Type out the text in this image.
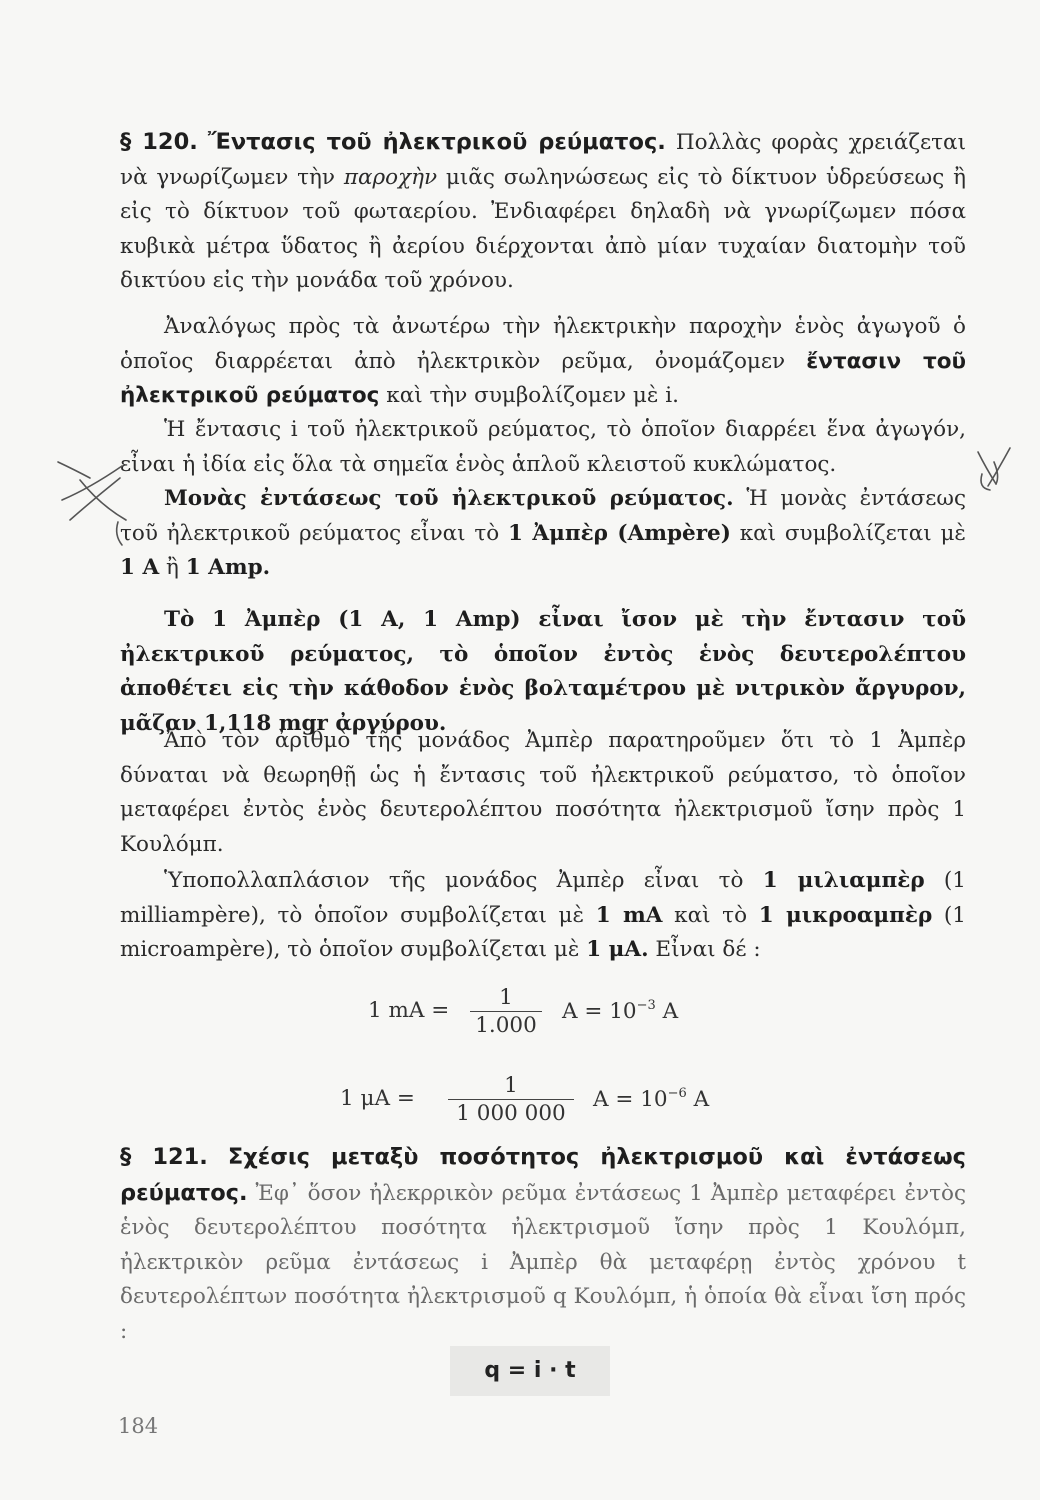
§ 120. Ἔντασις τοῦ ἠλεκτρικοῦ ρεύματος. Πολλὰς φορὰς χρειάζεται νὰ γνωρίζωμεν τὴν παροχὴν μιᾶς σωληνώσεως εἰς τὸ δίκτυον ὑδρεύσεως ἢ εἰς τὸ δίκτυον τοῦ φωταερίου. Ἐνδιαφέρει δηλαδὴ νὰ γνωρίζωμεν πόσα κυβικὰ μέτρα ὕδατος ἢ ἀερίου διέρχονται ἀπὸ μίαν τυχαίαν διατομὴν τοῦ δικτύου εἰς τὴν μονάδα τοῦ χρόνου.
Ἀναλόγως πρὸς τὰ ἀνωτέρω τὴν ἠλεκτρικὴν παροχὴν ἑνὸς ἀγωγοῦ ὁ ὁποῖος διαρρέεται ἀπὸ ἠλεκτρικὸν ρεῦμα, ὀνομάζομεν ἔντασιν τοῦ ἠλεκτρικοῦ ρεύματος καὶ τὴν συμβολίζομεν μὲ i.
Ἡ ἔντασις i τοῦ ἠλεκτρικοῦ ρεύματος, τὸ ὁποῖον διαρρέει ἕνα ἀγωγόν, εἶναι ἡ ἰδία εἰς ὅλα τὰ σημεῖα ἑνὸς ἁπλοῦ κλειστοῦ κυκλώματος.
Μονὰς ἐντάσεως τοῦ ἠλεκτρικοῦ ρεύματος. Ἡ μονὰς ἐντάσεως τοῦ ἠλεκτρικοῦ ρεύματος εἶναι τὸ 1 Ἀμπὲρ (Ampère) καὶ συμβολίζεται μὲ 1 A ἢ 1 Amp.
Τὸ 1 Ἀμπὲρ (1 A, 1 Amp) εἶναι ἴσον μὲ τὴν ἔντασιν τοῦ ἠλεκτρικοῦ ρεύματος, τὸ ὁποῖον ἐντὸς ἑνὸς δευτερολέπτου ἀποθέτει εἰς τὴν κάθοδον ἑνὸς βολταμέτρου μὲ νιτρικὸν ἄργυρον, μᾶζαν 1,118 mgr ἀργύρου.
Ἀπὸ τὸν ἀριθμὸ τῆς μονάδος Ἀμπὲρ παρατηροῦμεν ὅτι τὸ 1 Ἀμπὲρ δύναται νὰ θεωρηθῇ ὡς ἡ ἔντασις τοῦ ἠλεκτρικοῦ ρεύματσο, τὸ ὁποῖον μεταφέρει ἐντὸς ἑνὸς δευτερολέπτου ποσότητα ἠλεκτρισμοῦ ἴσην πρὸς 1 Κουλόμπ.
Ὑποπολλαπλάσιον τῆς μονάδος Ἀμπὲρ εἶναι τὸ 1 μιλιαμπὲρ (1 milliampère), τὸ ὁποῖον συμβολίζεται μὲ 1 mA καὶ τὸ 1 μικροαμπὲρ (1 microampère), τὸ ὁποῖον συμβολίζεται μὲ 1 μA. Εἶναι δέ :
1 mA =
1
1.000
$A = 10^{-3}$ A
1 μA =
1
1 000 000
$A = 10^{-6}$ A
§ 121. Σχέσις μεταξὺ ποσότητος ἠλεκτρισμοῦ καὶ ἐντάσεως ρεύματος. Ἐφ᾽ ὅσον ἠλεκρρικὸν ρεῦμα ἐντάσεως 1 Ἀμπὲρ μεταφέρει ἐντὸς ἑνὸς δευτερολέπτου ποσότητα ἠλεκτρισμοῦ ἴσην πρὸς 1 Κουλόμπ, ἠλεκτρικὸν ρεῦμα ἐντάσεως i Ἀμπὲρ θὰ μεταφέρῃ ἐντὸς χρόνου t δευτερολέπτων ποσότητα ἠλεκτρισμοῦ q Κουλόμπ, ἡ ὁποία θὰ εἶναι ἴση πρός :
q = i · t
184
